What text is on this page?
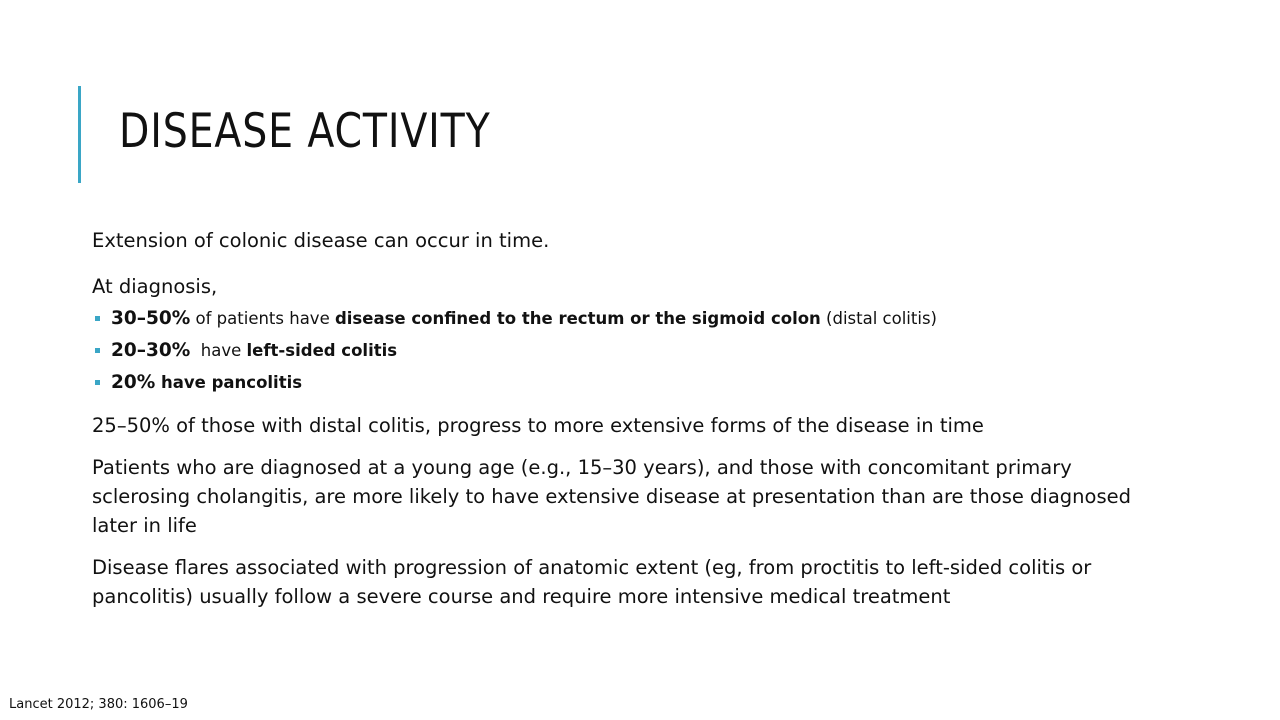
DISEASE ACTIVITY

Extension of colonic disease can occur in time.

At diagnosis,

30–50% of patients have disease confined to the rectum or the sigmoid colon (distal colitis)
20–30%  have left-sided colitis
20% have pancolitis

25–50% of those with distal colitis, progress to more extensive forms of the disease in time

Patients who are diagnosed at a young age (e.g., 15–30 years), and those with concomitant primary sclerosing cholangitis, are more likely to have extensive disease at presentation than are those diagnosed later in life

Disease flares associated with progression of anatomic extent (eg, from proctitis to left-sided colitis or pancolitis) usually follow a severe course and require more intensive medical treatment

Lancet 2012; 380: 1606–19
